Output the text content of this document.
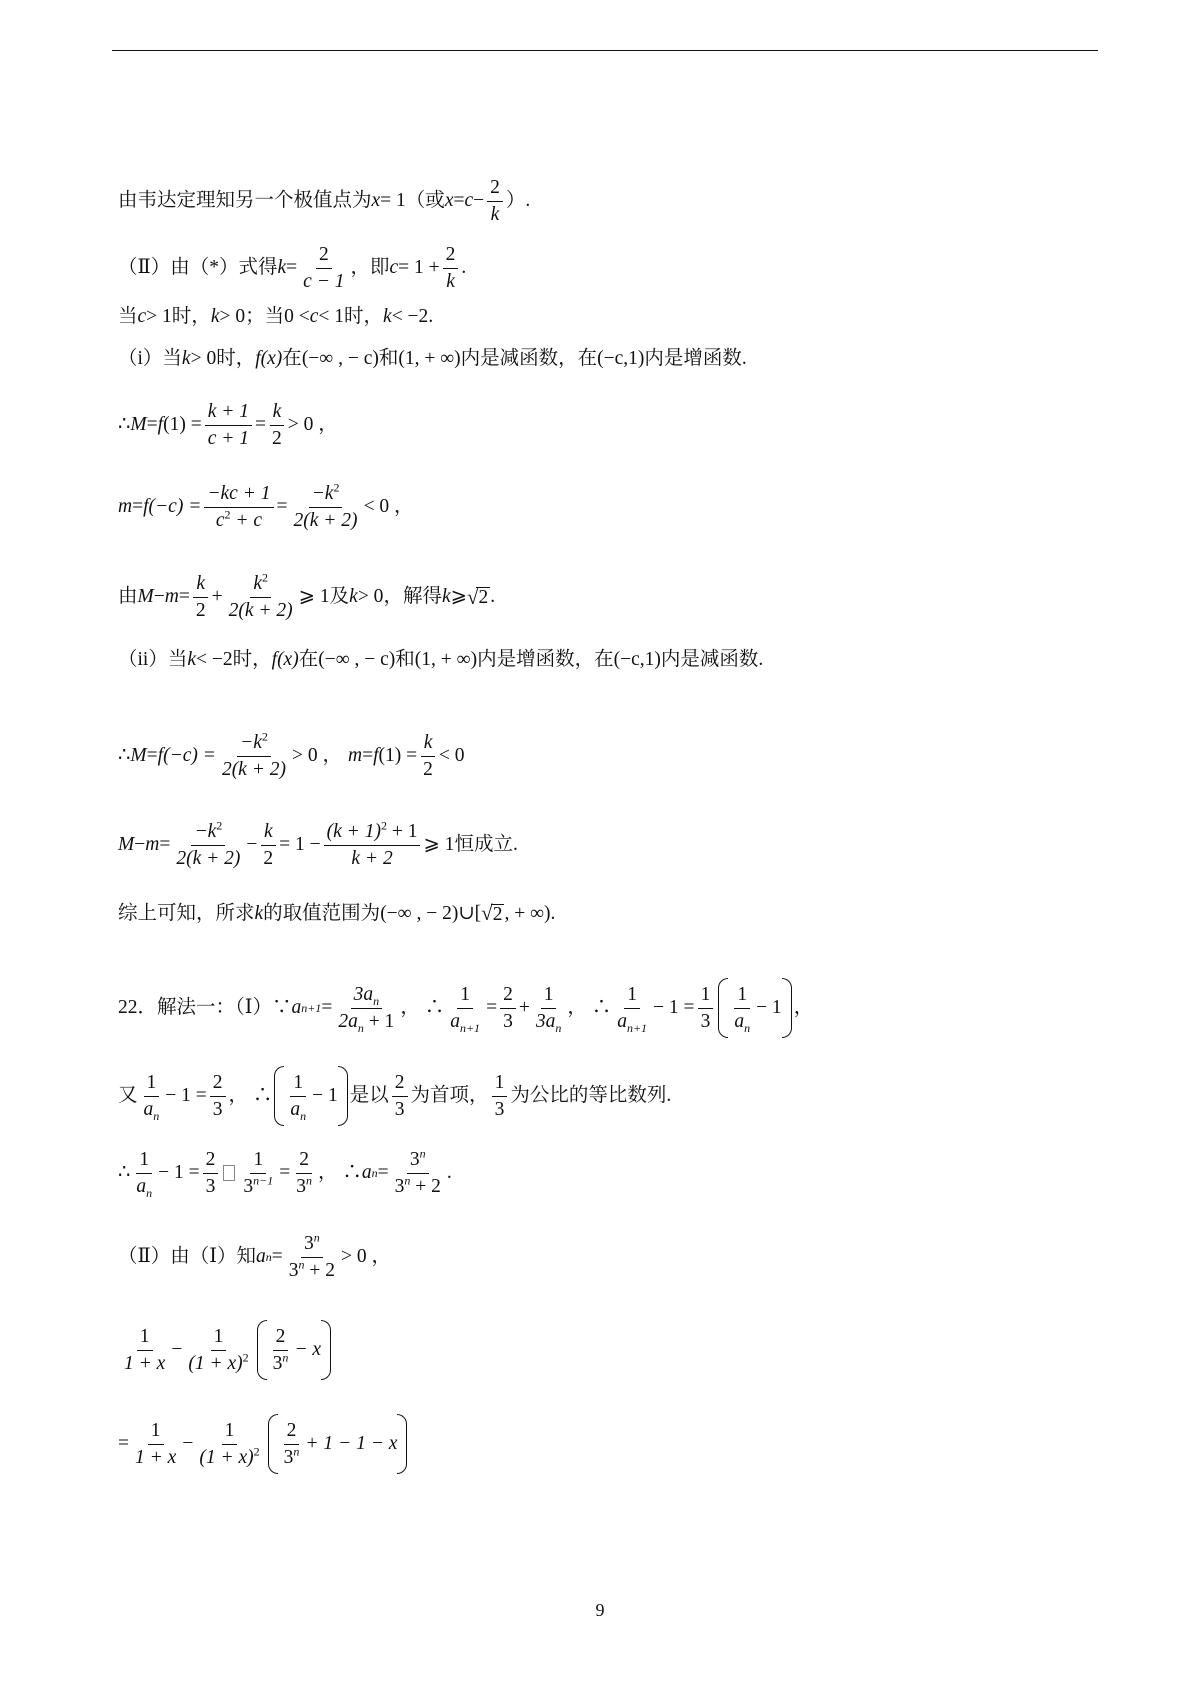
由韦达定理知另一个极值点为 x = 1 （或 $x = c - \frac{2}{k}$ ）.
（Ⅱ）由（*）式得 $k = \frac{2}{c - 1}$ ，即 $c = 1 + \frac{2}{k}$ .
当 c > 1 时， k > 0 ；当 0 < c < 1 时， k < −2 .
（i）当 k > 0 时， f (x) 在 (−∞ , − c) 和 (1, + ∞) 内是减函数，在 (−c,1) 内是增函数.
∴ M = f $(1) = \frac{k + 1}{c + 1} = \frac{k}{2} > 0$ ，
m = f $(-c) = \frac{-kc + 1}{c^2 + c} = \frac{-k^2}{2(k + 2)} < 0$ ，
由 $M - m = \frac{k}{2} + \frac{k^2}{2(k + 2)}$ ⩾ 1 及 k > 0 ，解得 k ⩾ √ 2 .
（ii）当 k < −2 时， f (x) 在 (−∞ , − c) 和 (1, + ∞) 内是增函数，在 (−c,1) 内是减函数.
∴ M = f $(-c) = \frac{-k^2}{2(k + 2)} > 0$ ， m = f $(1) = \frac{k}{2} < 0$
$M - m = \frac{-k^2}{2(k + 2)} - \frac{k}{2} = 1 - \frac{(k + 1)^2 + 1}{k + 2}$ ⩾ 1 恒成立.
综上可知，所求 k 的取值范围为 (−∞ , − 2) ∪ [ √ 2 , + ∞) .
22．解法一：（Ⅰ）∵ a $n+1 = \frac{3a_n}{2a_n + 1}$ ， ∴ $\frac{1}{a_{n+1}} = \frac{2}{3} + \frac{1}{3a_n}$ ， ∴ $\frac{1}{a_{n+1}} - 1 = \frac{1}{3} \frac{1}{a_n} - 1$ ，
又 $\frac{1}{a_n} - 1 = \frac{2}{3}$ ， ∴ $\frac{1}{a_n} - 1$ 是以 $\frac{2}{3}$ 为首项， $\frac{1}{3}$ 为公比的等比数列.
∴ $\frac{1}{a_n} - 1 = \frac{2}{3} \frac{1}{3^{n-1}} = \frac{2}{3^n}$ ， ∴ a $n = \frac{3^n}{3^n + 2}$ .
（Ⅱ）由（Ⅰ）知 a $n = \frac{3^n}{3^n + 2} > 0$ ，
$\frac{1}{1 + x} - \frac{1}{(1 + x)^2} \frac{2}{3^n} - x$
= $\frac{1}{1 + x} - \frac{1}{(1 + x)^2} \frac{2}{3^n} + 1 - 1 - x$
9
